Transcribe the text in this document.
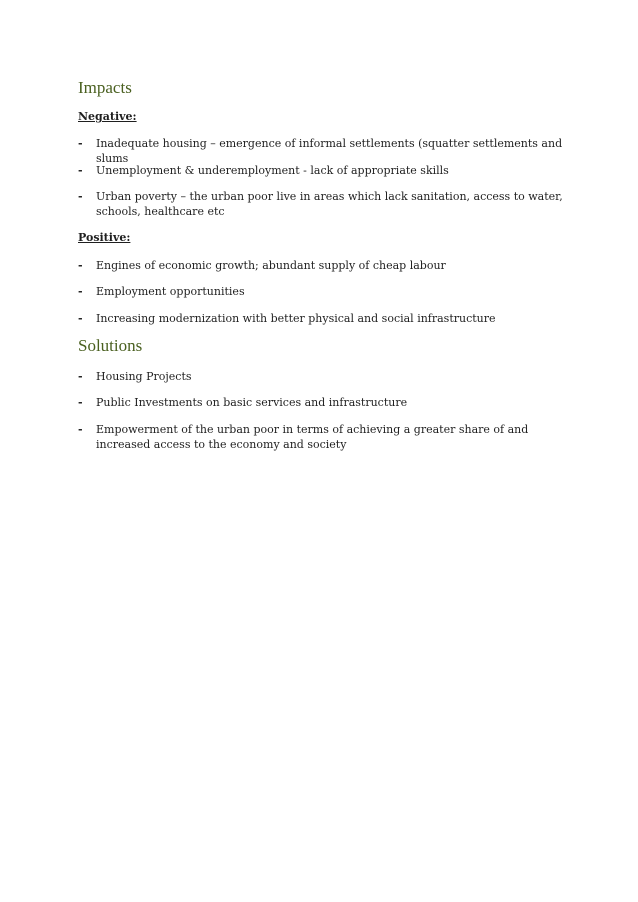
Impacts

Negative:

-	Inadequate housing – emergence of informal settlements (squatter settlements and slums
-	Unemployment & underemployment - lack of appropriate skills
-	Urban poverty – the urban poor live in areas which lack sanitation, access to water, schools, healthcare etc

Positive:

-	Engines of economic growth; abundant supply of cheap labour
-	Employment opportunities
-	Increasing modernization with better physical and social infrastructure
Solutions
-	Housing Projects
-	Public Investments on basic services and infrastructure
-	Empowerment of the urban poor in terms of achieving a greater share of and increased access to the economy and society
